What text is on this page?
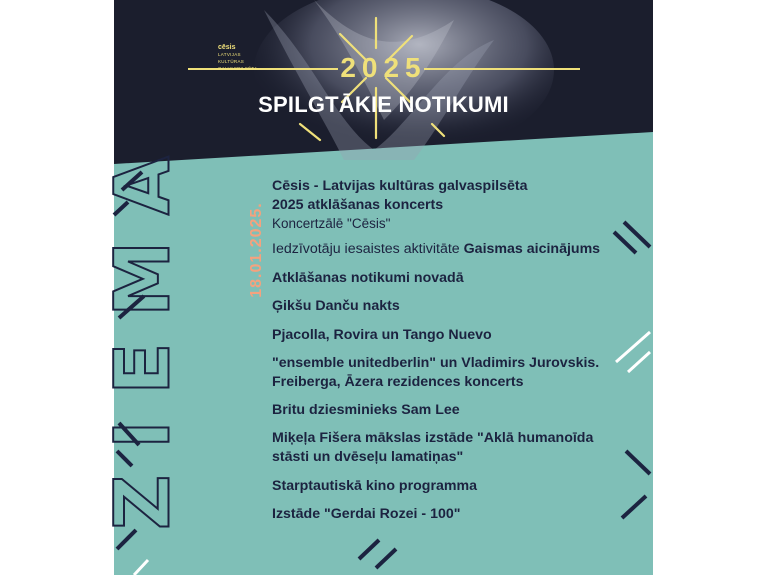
cēsis
LATVIJAS
KULTŪRAS
GALVASPILSĒTA	2025
SPILGTĀKIE NOTIKUMI
ZIEMA	18.01.2025.
Cēsis - Latvijas kultūras galvaspilsēta
2025 atklāšanas koncerts
Koncertzālē "Cēsis"
Iedzīvotāju iesaistes aktivitāte Gaismas aicinājums
Atklāšanas notikumi novadā
Ģikšu Danču nakts
Pjacolla, Rovira un Tango Nuevo
"ensemble unitedberlin" un Vladimirs Jurovskis.
Freiberga, Āzera rezidences koncerts
Britu dziesminieks Sam Lee
Miķeļa Fišera mākslas izstāde "Aklā humanoīda
stāsti un dvēseļu lamatiņas"
Starptautiskā kino programma
Izstāde "Gerdai Rozei - 100"
